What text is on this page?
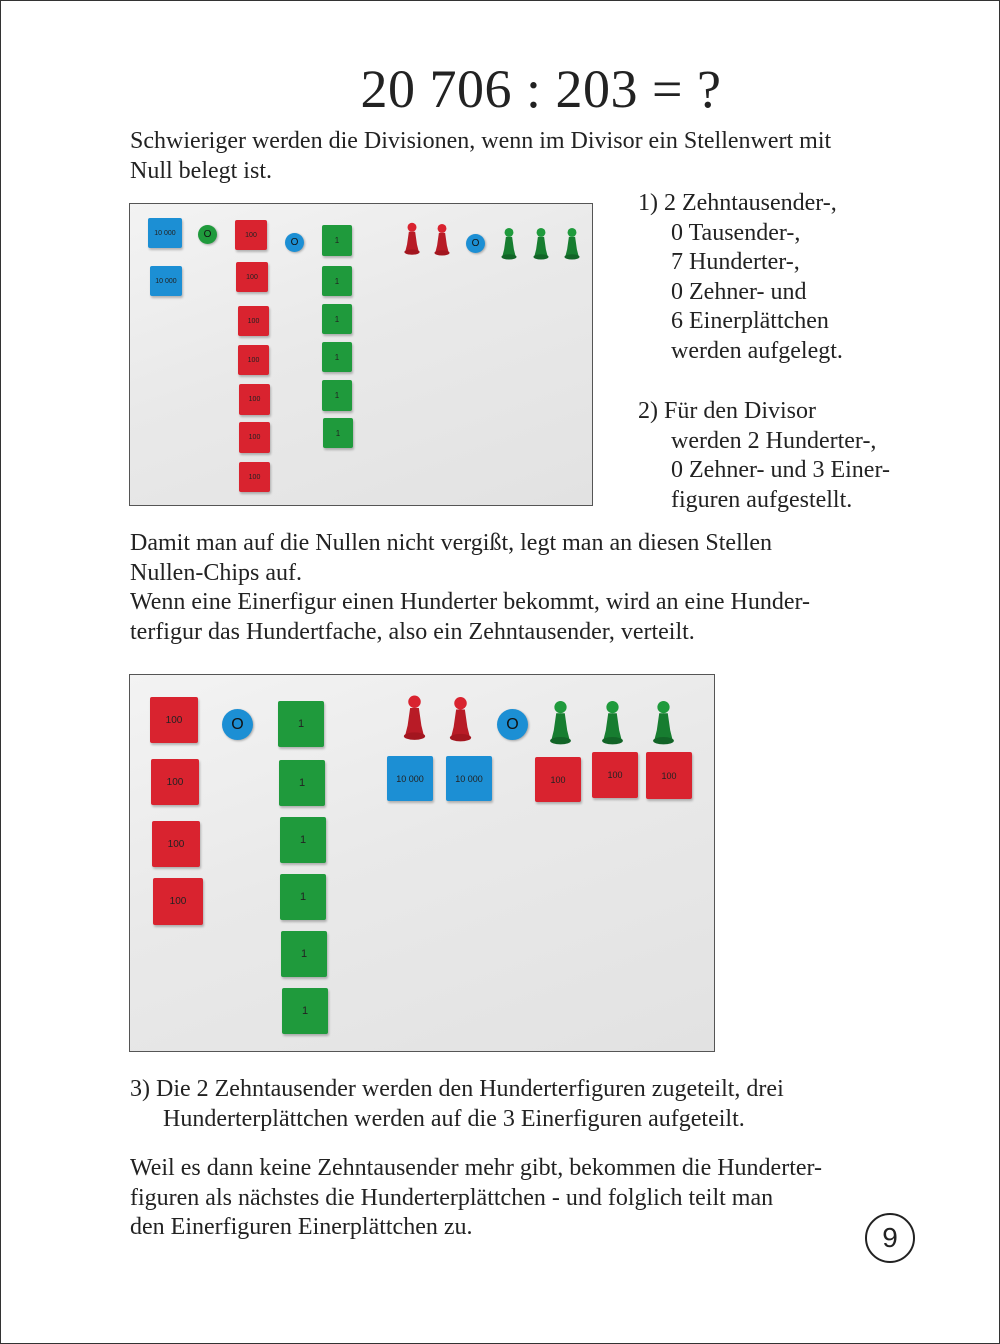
20 706 : 203 = ?
Schwieriger werden die Divisionen, wenn im Divisor ein Stellenwert mit
Null belegt ist.
10 000
10 000
O	100
100
100
100
100
100
100
O	1
1
1
1
1
1
O
1) 2 Zehntausender-,
0 Tausender-,
7 Hunderter-,
0 Zehner- und
6 Einerplättchen
werden aufgelegt.
2) Für den Divisor
werden 2 Hunderter-,
0 Zehner- und 3 Einer-
figuren aufgestellt.
Damit man auf die Nullen nicht vergißt, legt man an diesen Stellen
Nullen-Chips auf.
Wenn eine Einerfigur einen Hunderter bekommt, wird an eine Hunder-
terfigur das Hundertfache, also ein Zehntausender, verteilt.
100
100
100
100
O	1
1
1
1
1
1
O
10 000	10 000	100	100	100
3) Die 2 Zehntausender werden den Hunderterfiguren zugeteilt, drei
Hunderterplättchen werden auf die 3 Einerfiguren aufgeteilt.
Weil es dann keine Zehntausender mehr gibt, bekommen die Hunderter-
figuren als nächstes die Hunderterplättchen - und folglich teilt man
den Einerfiguren Einerplättchen zu.	9
